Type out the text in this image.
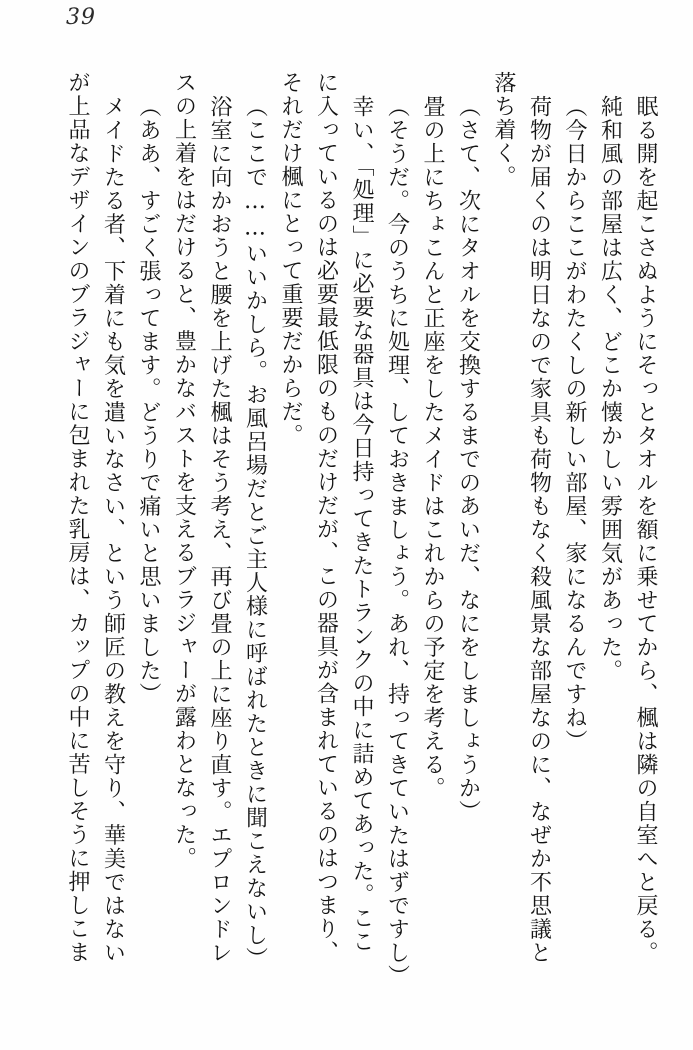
39
眠る開を起こさぬようにそっとタオルを額に乗せてから、楓は隣の自室へと戻る。
純和風の部屋は広く、どこか懐かしい雰囲気があった。
（今日からここがわたくしの新しい部屋、家になるんですね）
荷物が届くのは明日なので家具も荷物もなく殺風景な部屋なのに、なぜか不思議と
落ち着く。
（さて、次にタオルを交換するまでのあいだ、なにをしましょうか）
畳の上にちょこんと正座をしたメイドはこれからの予定を考える。
（そうだ。今のうちに処理、しておきましょう。あれ、持ってきていたはずですし）
幸い、「処理」に必要な器具は今日持ってきたトランクの中に詰めてあった。ここ
に入っているのは必要最低限のものだけだが、この器具が含まれているのはつまり、
それだけ楓にとって重要だからだ。
（ここで……いいかしら。お風呂場だとご主人様に呼ばれたときに聞こえないし）
浴室に向かおうと腰を上げた楓はそう考え、再び畳の上に座り直す。エプロンドレ
スの上着をはだけると、豊かなバストを支えるブラジャーが露わとなった。
（ああ、すごく張ってます。どうりで痛いと思いました）
メイドたる者、下着にも気を遣いなさい、という師匠の教えを守り、華美ではない
が上品なデザインのブラジャーに包まれた乳房は、カップの中に苦しそうに押しこま
